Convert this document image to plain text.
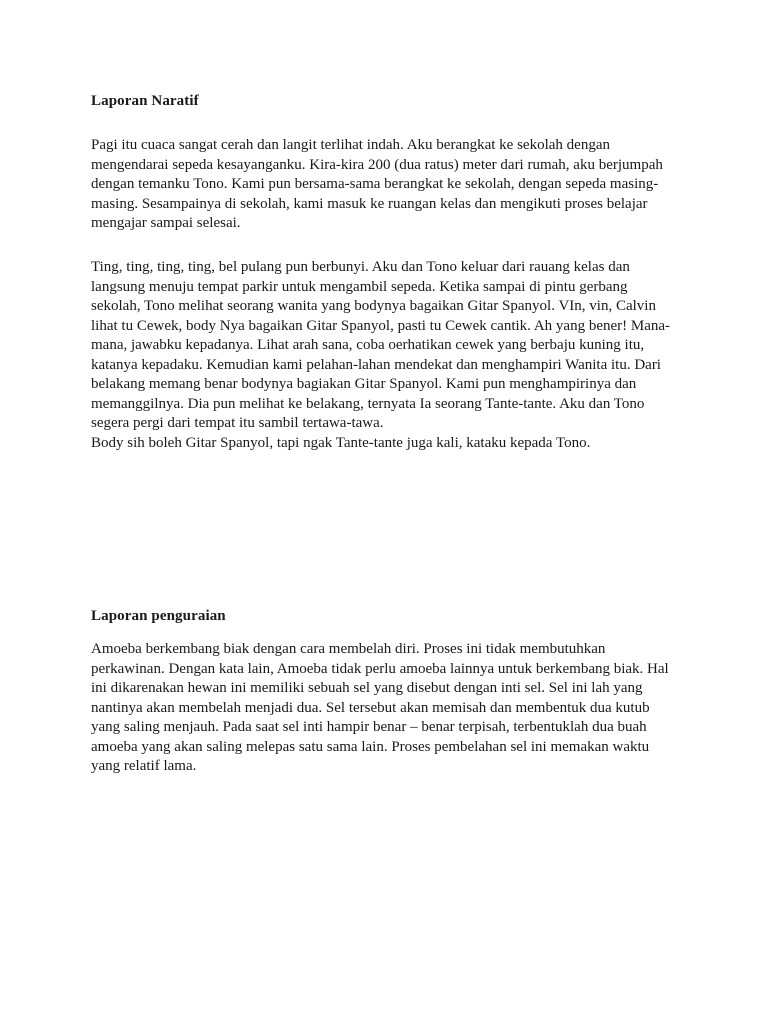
Laporan Naratif
Pagi itu cuaca sangat cerah dan langit terlihat indah. Aku berangkat ke sekolah dengan
mengendarai sepeda kesayanganku. Kira-kira 200 (dua ratus) meter dari rumah, aku berjumpah
dengan temanku Tono. Kami pun bersama-sama berangkat ke sekolah, dengan sepeda masing-
masing. Sesampainya di sekolah, kami masuk ke ruangan kelas dan mengikuti proses belajar
mengajar sampai selesai.
Ting, ting, ting, ting, bel pulang pun berbunyi. Aku dan Tono keluar dari rauang kelas dan
langsung menuju tempat parkir untuk mengambil sepeda. Ketika sampai di pintu gerbang
sekolah, Tono melihat seorang wanita yang bodynya bagaikan Gitar Spanyol. VIn, vin, Calvin
lihat tu Cewek, body Nya bagaikan Gitar Spanyol, pasti tu Cewek cantik. Ah yang bener! Mana-
mana, jawabku kepadanya. Lihat arah sana, coba oerhatikan cewek yang berbaju kuning itu,
katanya kepadaku. Kemudian kami pelahan-lahan mendekat dan menghampiri Wanita itu. Dari
belakang memang benar bodynya bagiakan Gitar Spanyol. Kami pun menghampirinya dan
memanggilnya. Dia pun melihat ke belakang, ternyata Ia seorang Tante-tante. Aku dan Tono
segera pergi dari tempat itu sambil tertawa-tawa.
Body sih boleh Gitar Spanyol, tapi ngak Tante-tante juga kali, kataku kepada Tono.
Laporan penguraian
Amoeba berkembang biak dengan cara membelah diri. Proses ini tidak membutuhkan
perkawinan. Dengan kata lain, Amoeba tidak perlu amoeba lainnya untuk berkembang biak. Hal
ini dikarenakan hewan ini memiliki sebuah sel yang disebut dengan inti sel. Sel ini lah yang
nantinya akan membelah menjadi dua. Sel tersebut akan memisah dan membentuk dua kutub
yang saling menjauh. Pada saat sel inti hampir benar – benar terpisah, terbentuklah dua buah
amoeba yang akan saling melepas satu sama lain. Proses pembelahan sel ini memakan waktu
yang relatif lama.
